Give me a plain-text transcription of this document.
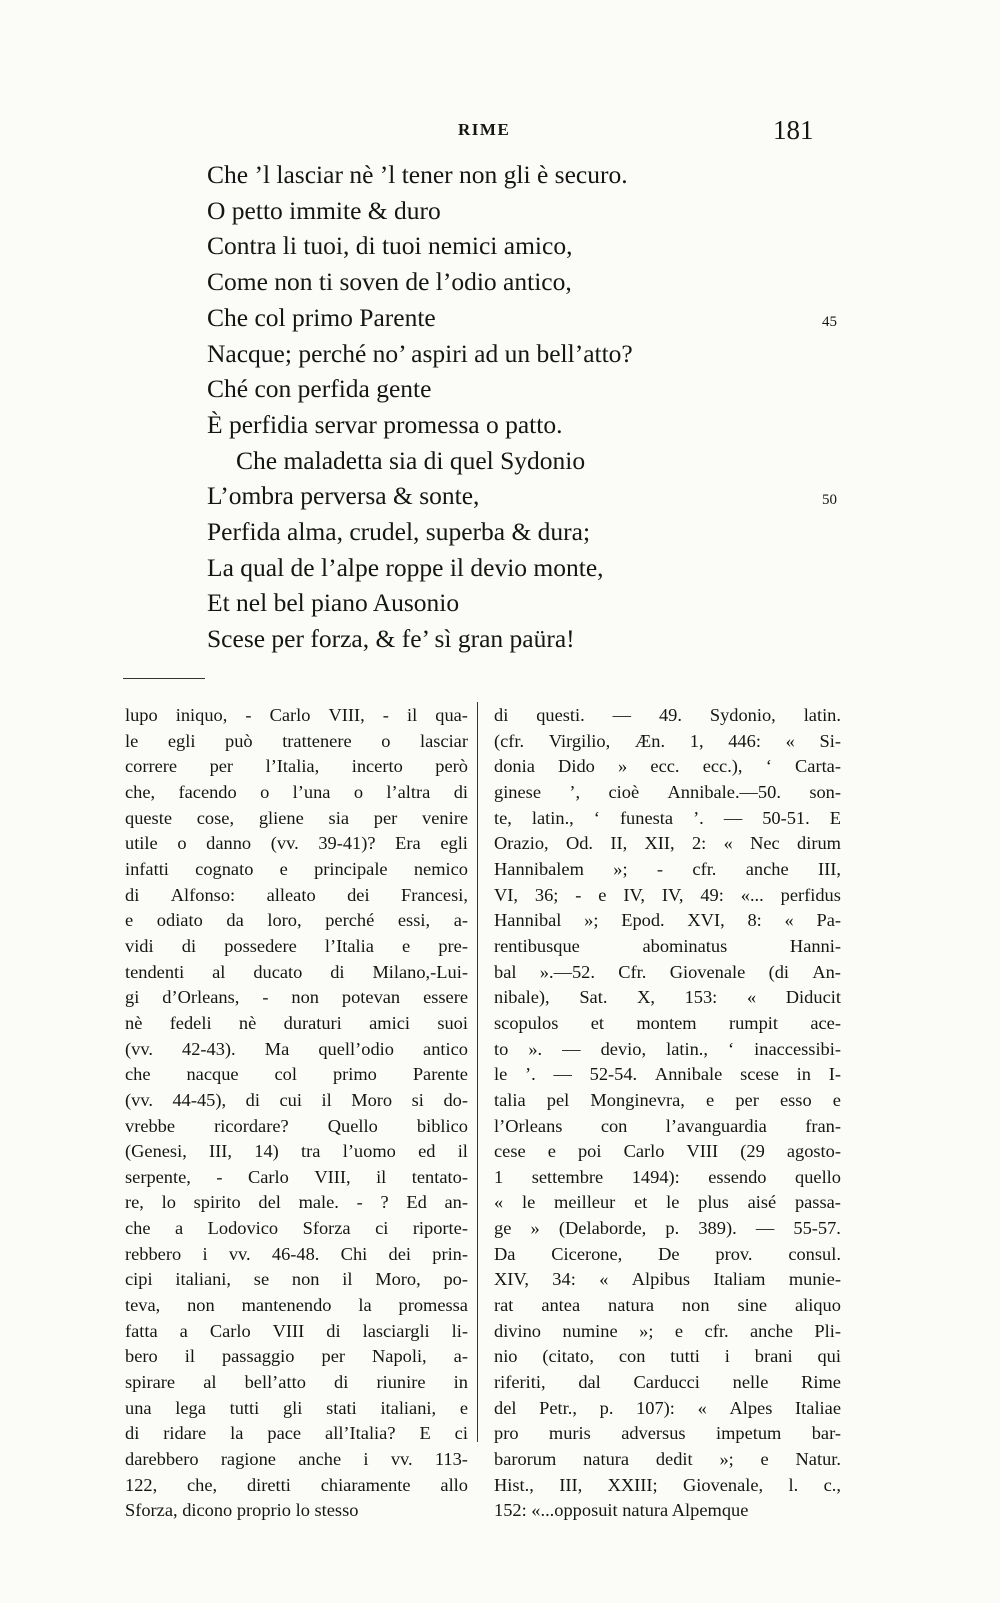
RIME	181
Che ’l lasciar nè ’l tener non gli è securo.
O petto immite & duro
Contra li tuoi, di tuoi nemici amico,
Come non ti soven de l’odio antico,
Che col primo Parente
Nacque; perché no’ aspiri ad un bell’atto?
Ché con perfida gente
È perfidia servar promessa o patto.
Che maladetta sia di quel Sydonio
L’ombra perversa & sonte,
Perfida alma, crudel, superba & dura;
La qual de l’alpe roppe il devio monte,
Et nel bel piano Ausonio
Scese per forza, & fe’ sì gran paüra!
45
50
lupo iniquo, - Carlo VIII, - il qua-
le egli può trattenere o lasciar
correre per l’Italia, incerto però
che, facendo o l’una o l’altra di
queste cose, gliene sia per venire
utile o danno (vv. 39-41)? Era egli
infatti cognato e principale nemico
di Alfonso: alleato dei Francesi,
e odiato da loro, perché essi, a-
vidi di possedere l’Italia e pre-
tendenti al ducato di Milano,-Lui-
gi d’Orleans, - non potevan essere
nè fedeli nè duraturi amici suoi
(vv. 42-43). Ma quell’odio antico
che nacque col primo Parente
(vv. 44-45), di cui il Moro si do-
vrebbe ricordare? Quello biblico
(Genesi, III, 14) tra l’uomo ed il
serpente, - Carlo VIII, il tentato-
re, lo spirito del male. - ? Ed an-
che a Lodovico Sforza ci riporte-
rebbero i vv. 46-48. Chi dei prin-
cipi italiani, se non il Moro, po-
teva, non mantenendo la promessa
fatta a Carlo VIII di lasciargli li-
bero il passaggio per Napoli, a-
spirare al bell’atto di riunire in
una lega tutti gli stati italiani, e
di ridare la pace all’Italia? E ci
darebbero ragione anche i vv. 113-
122, che, diretti chiaramente allo
Sforza, dicono proprio lo stesso
di questi. — 49. Sydonio, latin.
(cfr. Virgilio, Æn. 1, 446: « Si-
donia Dido » ecc. ecc.), ‘ Carta-
ginese ’, cioè Annibale.—50. son-
te, latin., ‘ funesta ’. — 50-51. E
Orazio, Od. II, XII, 2: « Nec dirum
Hannibalem »; - cfr. anche III,
VI, 36; - e IV, IV, 49: «... perfidus
Hannibal »; Epod. XVI, 8: « Pa-
rentibusque	abominatus	Hanni-
bal ».—52. Cfr. Giovenale (di An-
nibale), Sat. X, 153: « Diducit
scopulos et montem rumpit ace-
to ». — devio, latin., ‘ inaccessibi-
le ’. — 52-54. Annibale scese in I-
talia pel Monginevra, e per esso e
l’Orleans con l’avanguardia fran-
cese e poi Carlo VIII (29 agosto-
1 settembre 1494): essendo quello
« le meilleur et le plus aisé passa-
ge » (Delaborde, p. 389). — 55-57.
Da Cicerone, De prov. consul.
XIV, 34: « Alpibus Italiam munie-
rat antea natura non sine aliquo
divino numine »; e cfr. anche Pli-
nio (citato, con tutti i brani qui
riferiti, dal Carducci nelle Rime
del Petr., p. 107): « Alpes Italiae
pro muris adversus impetum bar-
barorum natura dedit »; e Natur.
Hist., III, XXIII; Giovenale, l. c.,
152: «...opposuit natura Alpemque
